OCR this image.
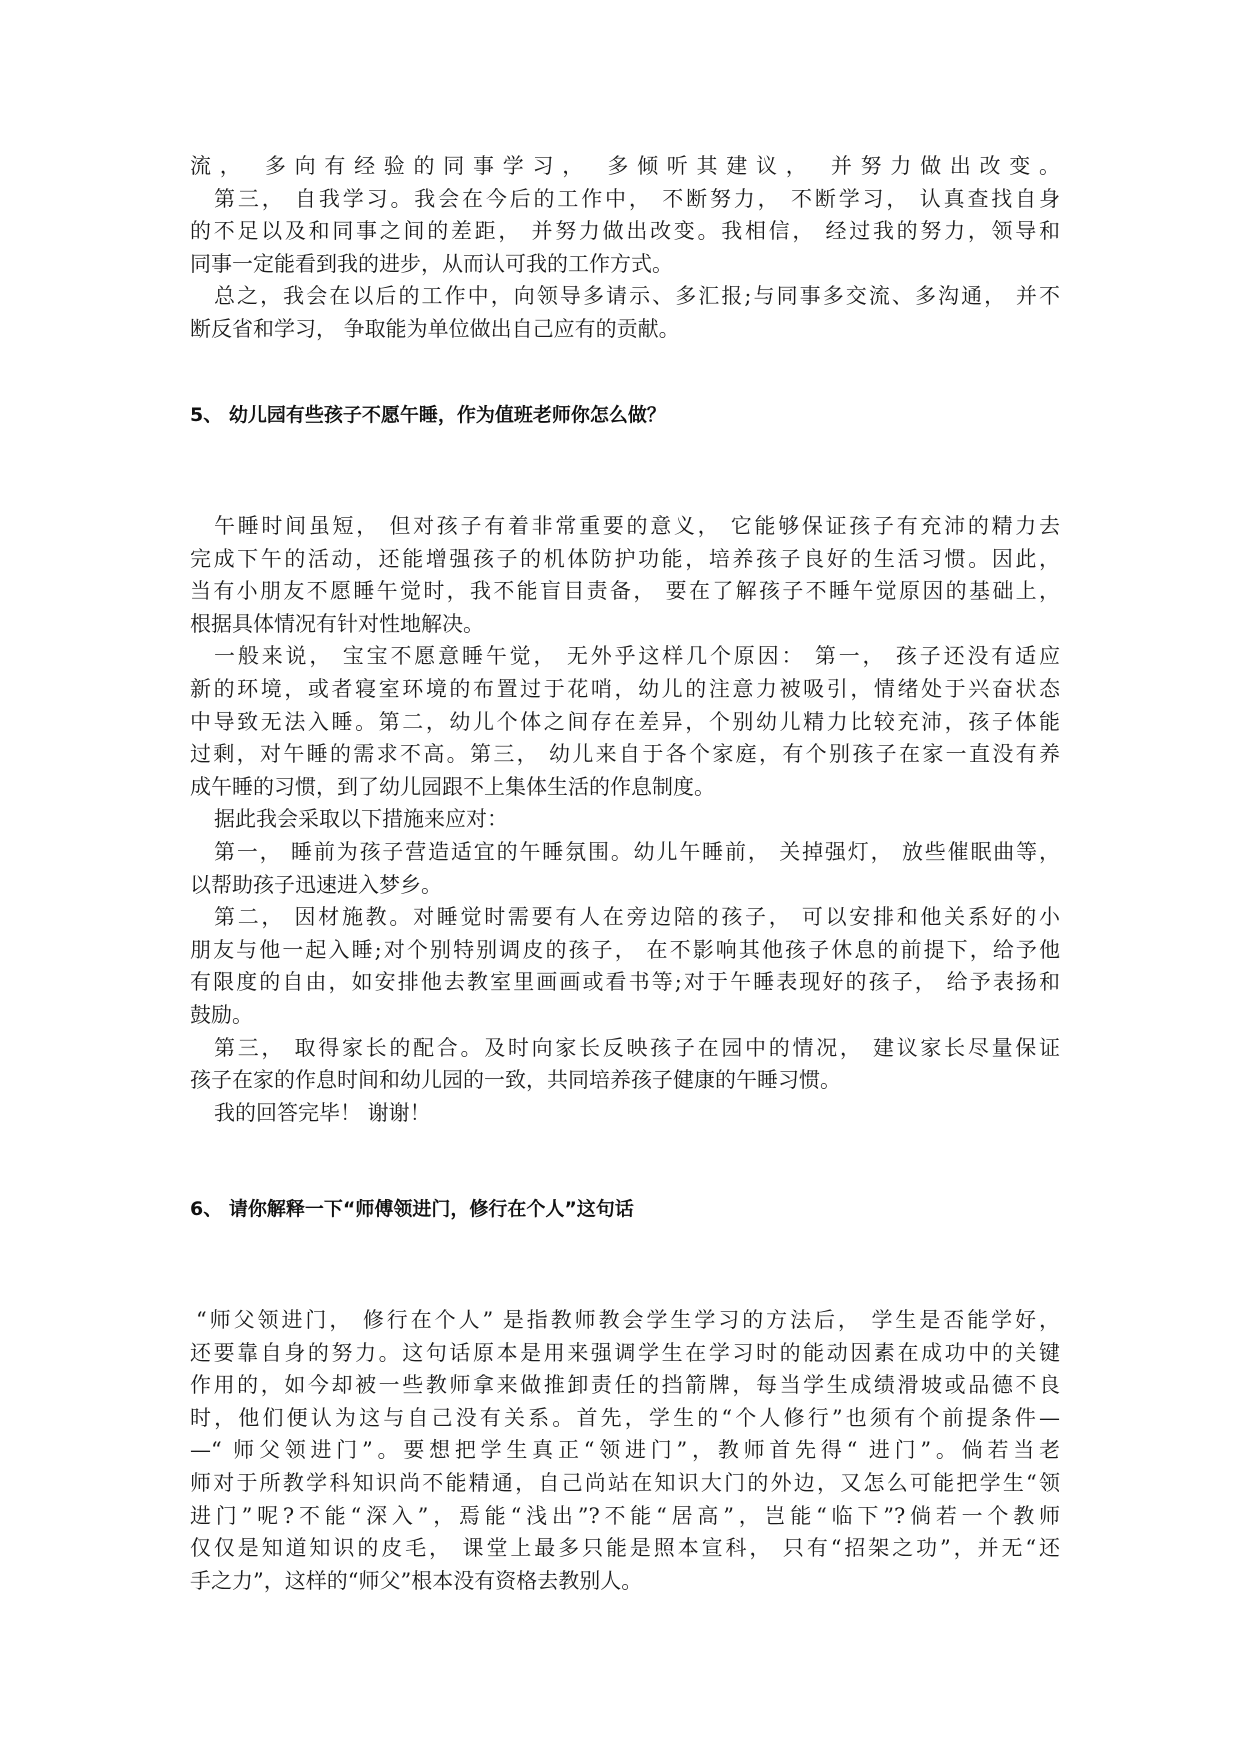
流， 多向有经验的同事学习， 多倾听其建议， 并努力做出改变。
第三， 自我学习。我会在今后的工作中， 不断努力， 不断学习， 认真查找自身
的不足以及和同事之间的差距， 并努力做出改变。我相信， 经过我的努力，领导和
同事一定能看到我的进步，从而认可我的工作方式。
总之，我会在以后的工作中，向领导多请示、多汇报;与同事多交流、多沟通， 并不
断反省和学习， 争取能为单位做出自己应有的贡献。
5、 幼儿园有些孩子不愿午睡，作为值班老师你怎么做？
午睡时间虽短， 但对孩子有着非常重要的意义， 它能够保证孩子有充沛的精力去
完成下午的活动，还能增强孩子的机体防护功能，培养孩子良好的生活习惯。因此，
当有小朋友不愿睡午觉时，我不能盲目责备， 要在了解孩子不睡午觉原因的基础上，
根据具体情况有针对性地解决。
一般来说， 宝宝不愿意睡午觉， 无外乎这样几个原因： 第一， 孩子还没有适应
新的环境，或者寝室环境的布置过于花哨，幼儿的注意力被吸引，情绪处于兴奋状态
中导致无法入睡。第二，幼儿个体之间存在差异，个别幼儿精力比较充沛，孩子体能
过剩，对午睡的需求不高。第三， 幼儿来自于各个家庭，有个别孩子在家一直没有养
成午睡的习惯，到了幼儿园跟不上集体生活的作息制度。
据此我会采取以下措施来应对：
第一， 睡前为孩子营造适宜的午睡氛围。幼儿午睡前， 关掉强灯， 放些催眠曲等，
以帮助孩子迅速进入梦乡。
第二， 因材施教。对睡觉时需要有人在旁边陪的孩子， 可以安排和他关系好的小
朋友与他一起入睡;对个别特别调皮的孩子， 在不影响其他孩子休息的前提下，给予他
有限度的自由，如安排他去教室里画画或看书等;对于午睡表现好的孩子， 给予表扬和
鼓励。
第三， 取得家长的配合。及时向家长反映孩子在园中的情况， 建议家长尽量保证
孩子在家的作息时间和幼儿园的一致，共同培养孩子健康的午睡习惯。
我的回答完毕！ 谢谢！
6、 请你解释一下“师傅领进门，修行在个人”这句话
“师父领进门， 修行在个人” 是指教师教会学生学习的方法后， 学生是否能学好，
还要靠自身的努力。这句话原本是用来强调学生在学习时的能动因素在成功中的关键
作用的，如今却被一些教师拿来做推卸责任的挡箭牌，每当学生成绩滑坡或品德不良
时，他们便认为这与自己没有关系。首先，学生的“个人修行”也须有个前提条件—
—“ 师父领进门”。要想把学生真正“领进门”，教师首先得“ 进门”。倘若当老
师对于所教学科知识尚不能精通，自己尚站在知识大门的外边，又怎么可能把学生“领
进门”呢?不能“深入”，焉能“浅出”?不能“居高”，岂能“临下”?倘若一个教师
仅仅是知道知识的皮毛， 课堂上最多只能是照本宣科， 只有“招架之功”，并无“还
手之力”，这样的“师父”根本没有资格去教别人。
